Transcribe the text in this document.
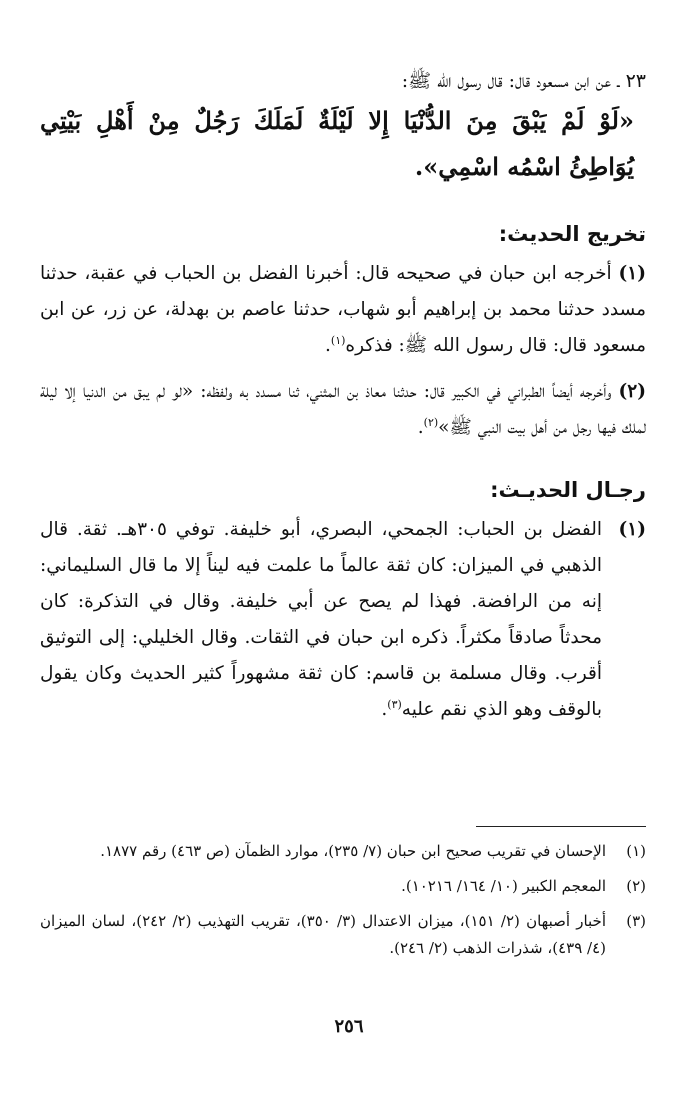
٢٣ ـ عن ابن مسعود قال: قال رسول الله ﷺ:

«لَوْ لَمْ يَبْقَ مِنَ الدُّنْيَا إِلا لَيْلَةٌ لَمَلَكَ رَجُلٌ مِنْ أَهْلِ بَيْتِي يُوَاطِئُ اسْمُه اسْمِي».

تخريج الحديث:

(١) أخرجه ابن حبان في صحيحه قال: أخبرنا الفضل بن الحباب في عقبة، حدثنا مسدد حدثنا محمد بن إبراهيم أبو شهاب، حدثنا عاصم بن بهدلة، عن زر، عن ابن مسعود قال: قال رسول الله ﷺ: فذكره$^{(١)}$.

(٢) وأخرجه أيضاً الطبراني في الكبير قال: حدثنا معاذ بن المثني، ثنا مسدد به ولفظه: «لو لم يبق من الدنيا إلا ليلة لملك فيها رجل من أهل بيت النبي ﷺ»$^{(٢)}$.

رجـال الحديـث:
(١)
الفضل بن الحباب: الجمحي، البصري، أبو خليفة. توفي ٣٠٥هـ. ثقة. قال الذهبي في الميزان: كان ثقة عالماً ما علمت فيه ليناً إلا ما قال السليماني: إنه من الرافضة. فهذا لم يصح عن أبي خليفة. وقال في التذكرة: كان محدثاً صادقاً مكثراً. ذكره ابن حبان في الثقات. وقال الخليلي: إلى التوثيق أقرب. وقال مسلمة بن قاسم: كان ثقة مشهوراً كثير الحديث وكان يقول بالوقف وهو الذي نقم عليه$^{(٣)}$.
(١)
الإحسان في تقريب صحيح ابن حبان (٧/ ٢٣٥)، موارد الظمآن (ص ٤٦٣) رقم ١٨٧٧.
(٢)
المعجم الكبير (١٠/ ١٦٤/ ١٠٢١٦).
(٣)
أخبار أصبهان (٢/ ١٥١)، ميزان الاعتدال (٣/ ٣٥٠)، تقريب التهذيب (٢/ ٢٤٢)، لسان الميزان (٤/ ٤٣٩)، شذرات الذهب (٢/ ٢٤٦).
٢٥٦
